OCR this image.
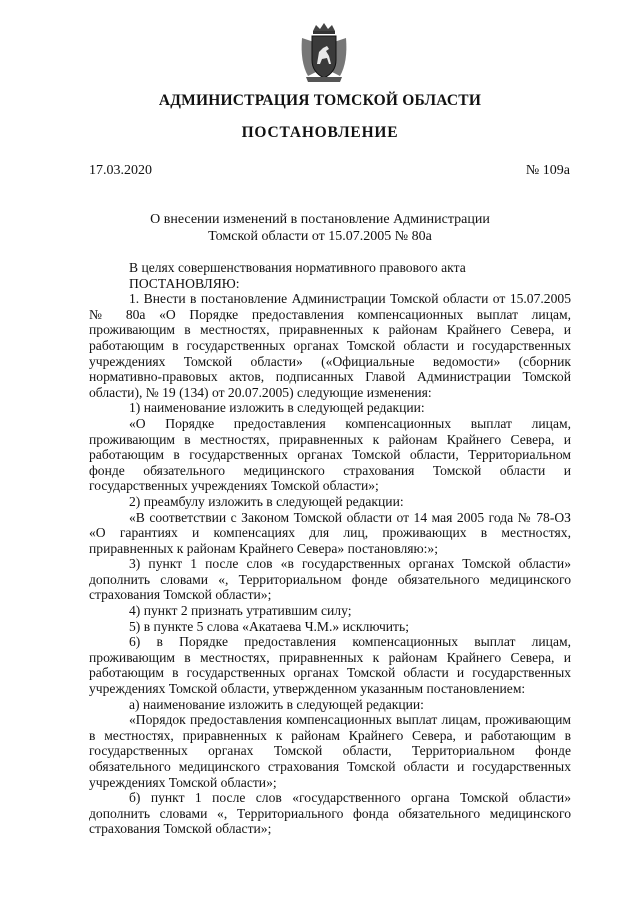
АДМИНИСТРАЦИЯ ТОМСКОЙ ОБЛАСТИ
ПОСТАНОВЛЕНИЕ
17.03.2020	№ 109а
О внесении изменений в постановление Администрации
Томской области от 15.07.2005 № 80а

В целях совершенствования нормативного правового акта

ПОСТАНОВЛЯЮ:

1. Внести в постановление Администрации Томской области от 15.07.2005 № 80а «О Порядке предоставления компенсационных выплат лицам, проживающим в местностях, приравненных к районам Крайнего Севера, и работающим в государственных органах Томской области и государственных учреждениях Томской области» («Официальные ведомости» (сборник нормативно-правовых актов, подписанных Главой Администрации Томской области), № 19 (134) от 20.07.2005) следующие изменения:

1) наименование изложить в следующей редакции:

«О Порядке предоставления компенсационных выплат лицам, проживающим в местностях, приравненных к районам Крайнего Севера, и работающим в государственных органах Томской области, Территориальном фонде обязательного медицинского страхования Томской области и государственных учреждениях Томской области»;

2) преамбулу изложить в следующей редакции:

«В соответствии с Законом Томской области от 14 мая 2005 года № 78-ОЗ «О гарантиях и компенсациях для лиц, проживающих в местностях, приравненных к районам Крайнего Севера» постановляю:»;

3) пункт 1 после слов «в государственных органах Томской области» дополнить словами «, Территориальном фонде обязательного медицинского страхования Томской области»;

4) пункт 2 признать утратившим силу;

5) в пункте 5 слова «Акатаева Ч.М.» исключить;

6) в Порядке предоставления компенсационных выплат лицам, проживающим в местностях, приравненных к районам Крайнего Севера, и работающим в государственных органах Томской области и государственных учреждениях Томской области, утвержденном указанным постановлением:

а) наименование изложить в следующей редакции:

«Порядок предоставления компенсационных выплат лицам, проживающим в местностях, приравненных к районам Крайнего Севера, и работающим в государственных органах Томской области, Территориальном фонде обязательного медицинского страхования Томской области и государственных учреждениях Томской области»;

б) пункт 1 после слов «государственного органа Томской области» дополнить словами «, Территориального фонда обязательного медицинского страхования Томской области»;
